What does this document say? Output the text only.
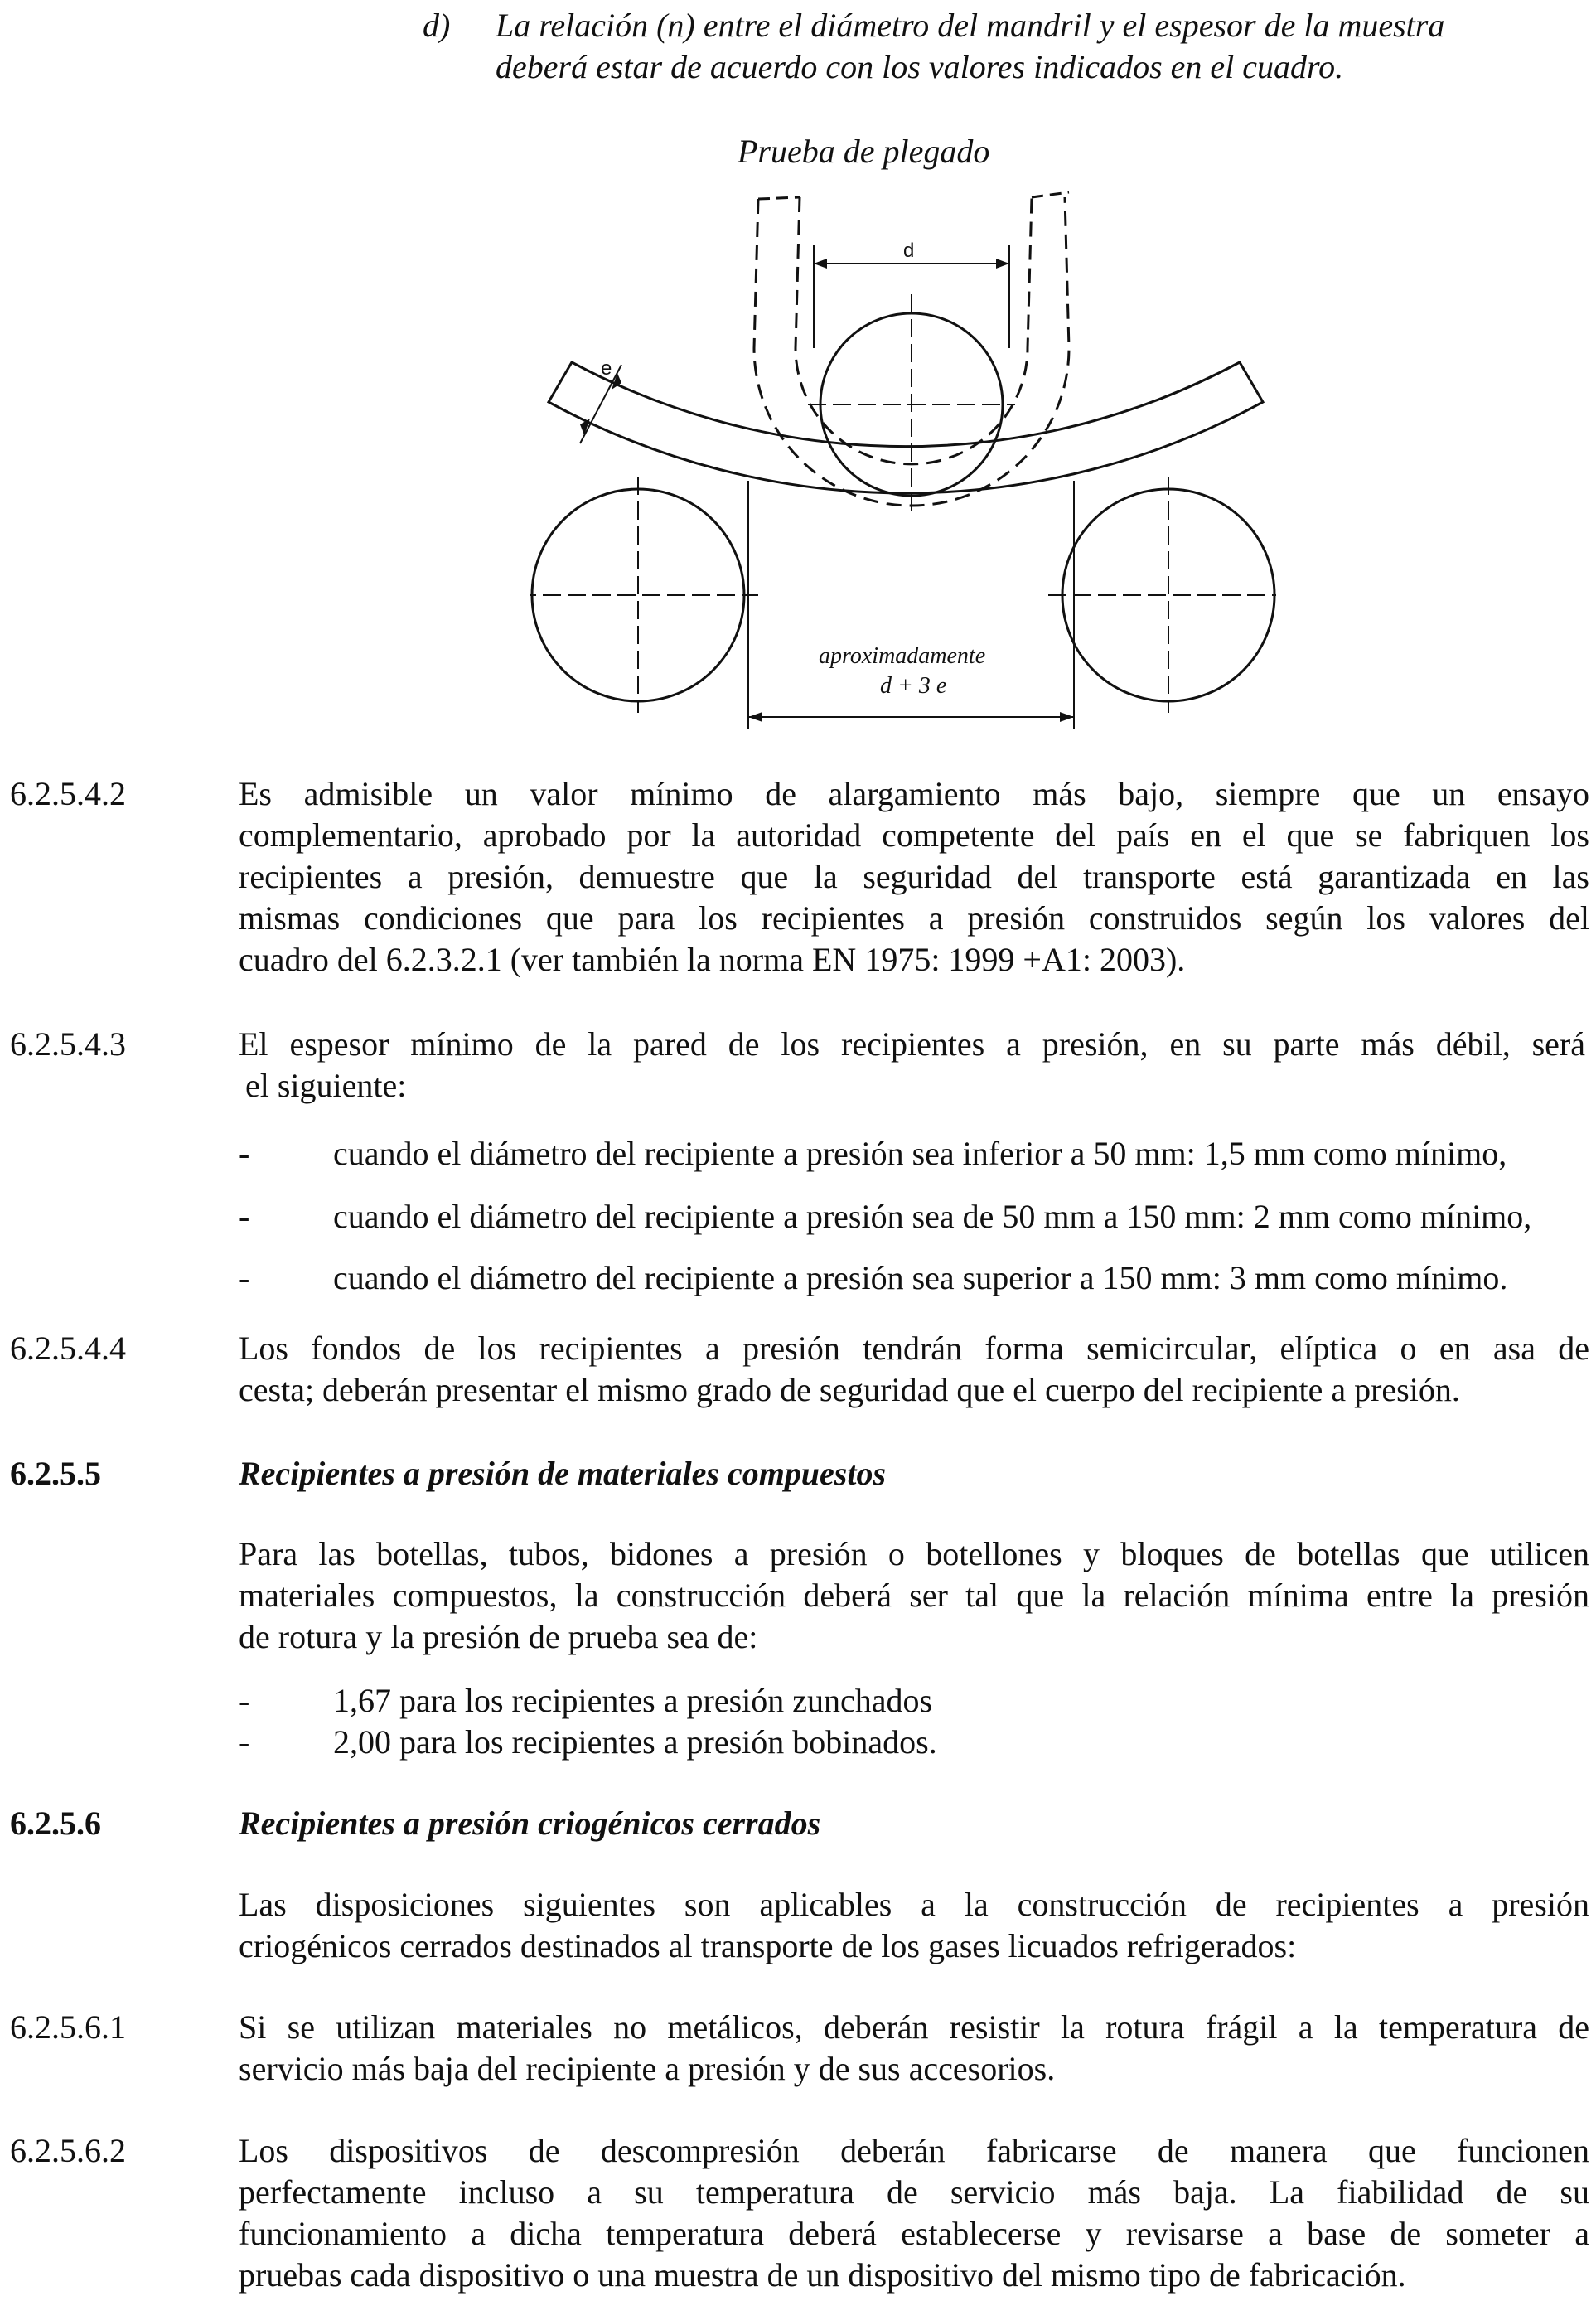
d) La relación (n) entre el diámetro del mandril y el espesor de la muestra
deberá estar de acuerdo con los valores indicados en el cuadro.
Prueba de plegado
d
e
aproximadamente
d + 3 e
6.2.5.4.2	Es admisible un valor mínimo de alargamiento más bajo, siempre que un ensayo
complementario, aprobado por la autoridad competente del país en el que se fabriquen los
recipientes a presión, demuestre que la seguridad del transporte está garantizada en las
mismas condiciones que para los recipientes a presión construidos según los valores del
cuadro del 6.2.3.2.1 (ver también la norma EN 1975: 1999 +A1: 2003).
6.2.5.4.3	El espesor mínimo de la pared de los recipientes a presión, en su parte más débil, será
el siguiente:
-	cuando el diámetro del recipiente a presión sea inferior a 50 mm: 1,5 mm como mínimo,
-	cuando el diámetro del recipiente a presión sea de 50 mm a 150 mm: 2 mm como mínimo,
-	cuando el diámetro del recipiente a presión sea superior a 150 mm: 3 mm como mínimo.
6.2.5.4.4	Los fondos de los recipientes a presión tendrán forma semicircular, elíptica o en asa de
cesta; deberán presentar el mismo grado de seguridad que el cuerpo del recipiente a presión.
6.2.5.5	Recipientes a presión de materiales compuestos
Para las botellas, tubos, bidones a presión o botellones y bloques de botellas que utilicen
materiales compuestos, la construcción deberá ser tal que la relación mínima entre la presión
de rotura y la presión de prueba sea de:
-	1,67 para los recipientes a presión zunchados
-	2,00 para los recipientes a presión bobinados.
6.2.5.6	Recipientes a presión criogénicos cerrados
Las disposiciones siguientes son aplicables a la construcción de recipientes a presión
criogénicos cerrados destinados al transporte de los gases licuados refrigerados:
6.2.5.6.1	Si se utilizan materiales no metálicos, deberán resistir la rotura frágil a la temperatura de
servicio más baja del recipiente a presión y de sus accesorios.
6.2.5.6.2	Los dispositivos de descompresión deberán fabricarse de manera que funcionen
perfectamente incluso a su temperatura de servicio más baja. La fiabilidad de su
funcionamiento a dicha temperatura deberá establecerse y revisarse a base de someter a
pruebas cada dispositivo o una muestra de un dispositivo del mismo tipo de fabricación.
